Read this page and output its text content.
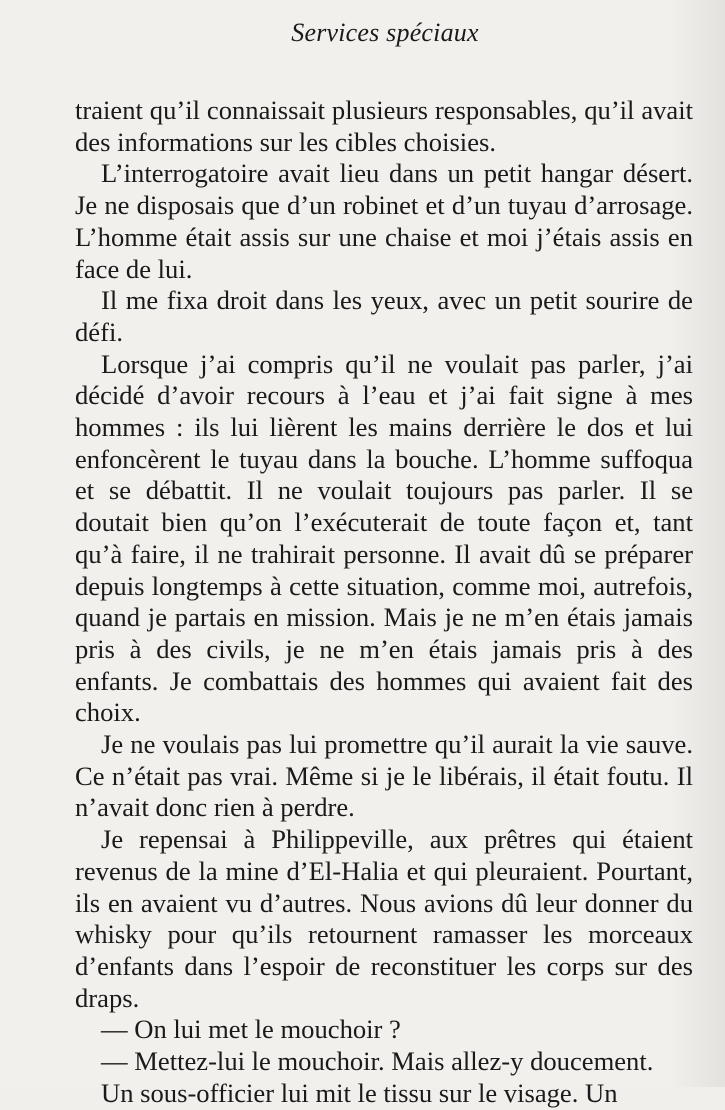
Services spéciaux

traient qu’il connaissait plusieurs responsables, qu’il avait des informations sur les cibles choisies.

L’interrogatoire avait lieu dans un petit hangar désert. Je ne disposais que d’un robinet et d’un tuyau d’arrosage. L’homme était assis sur une chaise et moi j’étais assis en face de lui.

Il me fixa droit dans les yeux, avec un petit sourire de défi.

Lorsque j’ai compris qu’il ne voulait pas parler, j’ai décidé d’avoir recours à l’eau et j’ai fait signe à mes hommes : ils lui lièrent les mains derrière le dos et lui enfoncèrent le tuyau dans la bouche. L’homme suffoqua et se débattit. Il ne voulait toujours pas parler. Il se doutait bien qu’on l’exécuterait de toute façon et, tant qu’à faire, il ne trahirait personne. Il avait dû se préparer depuis longtemps à cette situation, comme moi, autrefois, quand je partais en mission. Mais je ne m’en étais jamais pris à des civils, je ne m’en étais jamais pris à des enfants. Je combattais des hommes qui avaient fait des choix.

Je ne voulais pas lui promettre qu’il aurait la vie sauve. Ce n’était pas vrai. Même si je le libérais, il était foutu. Il n’avait donc rien à perdre.

Je repensai à Philippeville, aux prêtres qui étaient revenus de la mine d’El-Halia et qui pleuraient. Pourtant, ils en avaient vu d’autres. Nous avions dû leur donner du whisky pour qu’ils retournent ramasser les morceaux d’enfants dans l’espoir de reconstituer les corps sur des draps.

— On lui met le mouchoir ?

— Mettez-lui le mouchoir. Mais allez-y doucement.

Un sous-officier lui mit le tissu sur le visage. Un
